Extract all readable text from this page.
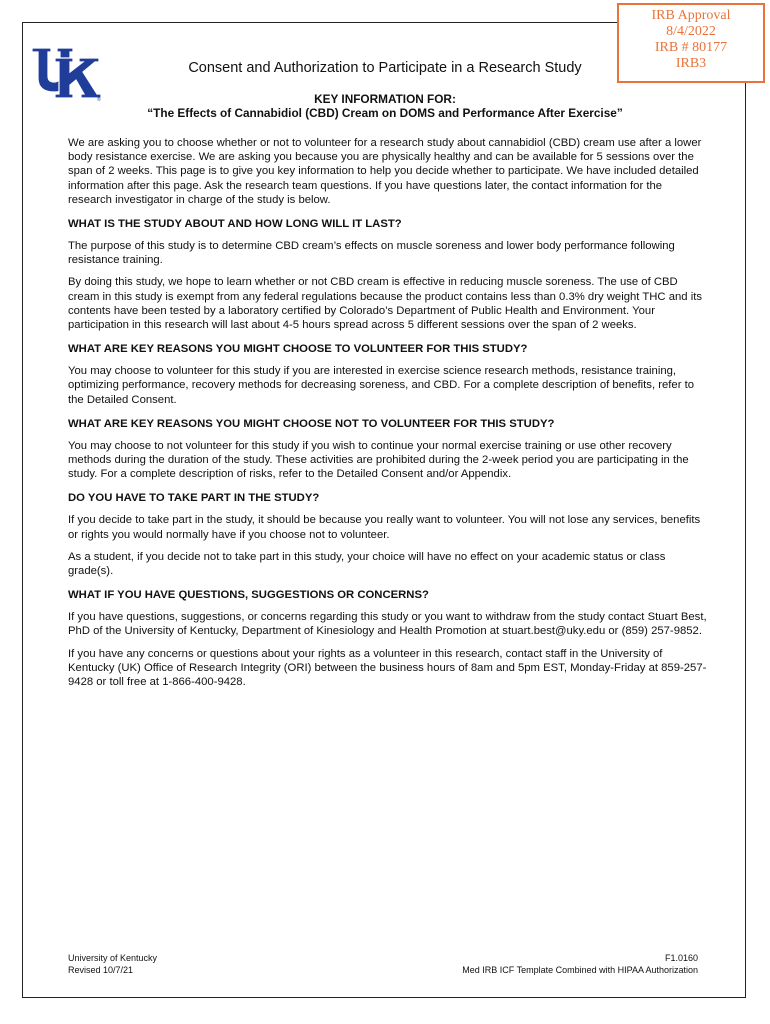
IRB Approval
8/4/2022
IRB # 80177
IRB3
®
Consent and Authorization to Participate in a Research Study
KEY INFORMATION FOR:
“The Effects of Cannabidiol (CBD) Cream on DOMS and Performance After Exercise”

We are asking you to choose whether or not to volunteer for a research study about cannabidiol (CBD) cream use after a lower body resistance exercise. We are asking you because you are physically healthy and can be available for 5 sessions over the span of 2 weeks. This page is to give you key information to help you decide whether to participate. We have included detailed information after this page. Ask the research team questions. If you have questions later, the contact information for the research investigator in charge of the study is below.

WHAT IS THE STUDY ABOUT AND HOW LONG WILL IT LAST?

The purpose of this study is to determine CBD cream’s effects on muscle soreness and lower body performance following resistance training.

By doing this study, we hope to learn whether or not CBD cream is effective in reducing muscle soreness. The use of CBD cream in this study is exempt from any federal regulations because the product contains less than 0.3% dry weight THC and its contents have been tested by a laboratory certified by Colorado’s Department of Public Health and Environment. Your participation in this research will last about 4-5 hours spread across 5 different sessions over the span of 2 weeks.

WHAT ARE KEY REASONS YOU MIGHT CHOOSE TO VOLUNTEER FOR THIS STUDY?

You may choose to volunteer for this study if you are interested in exercise science research methods, resistance training, optimizing performance, recovery methods for decreasing soreness, and CBD. For a complete description of benefits, refer to the Detailed Consent.

WHAT ARE KEY REASONS YOU MIGHT CHOOSE NOT TO VOLUNTEER FOR THIS STUDY?

You may choose to not volunteer for this study if you wish to continue your normal exercise training or use other recovery methods during the duration of the study. These activities are prohibited during the 2-week period you are participating in the study. For a complete description of risks, refer to the Detailed Consent and/or Appendix.

DO YOU HAVE TO TAKE PART IN THE STUDY?

If you decide to take part in the study, it should be because you really want to volunteer. You will not lose any services, benefits or rights you would normally have if you choose not to volunteer.

As a student, if you decide not to take part in this study, your choice will have no effect on your academic status or class grade(s).

WHAT IF YOU HAVE QUESTIONS, SUGGESTIONS OR CONCERNS?

If you have questions, suggestions, or concerns regarding this study or you want to withdraw from the study contact Stuart Best, PhD of the University of Kentucky, Department of Kinesiology and Health Promotion at stuart.best@uky.edu or (859) 257-9852.

If you have any concerns or questions about your rights as a volunteer in this research, contact staff in the University of Kentucky (UK) Office of Research Integrity (ORI) between the business hours of 8am and 5pm EST, Monday-Friday at 859-257-9428 or toll free at 1-866-400-9428.

University of Kentucky
Revised 10/7/21
F1.0160
Med IRB ICF Template Combined with HIPAA Authorization
